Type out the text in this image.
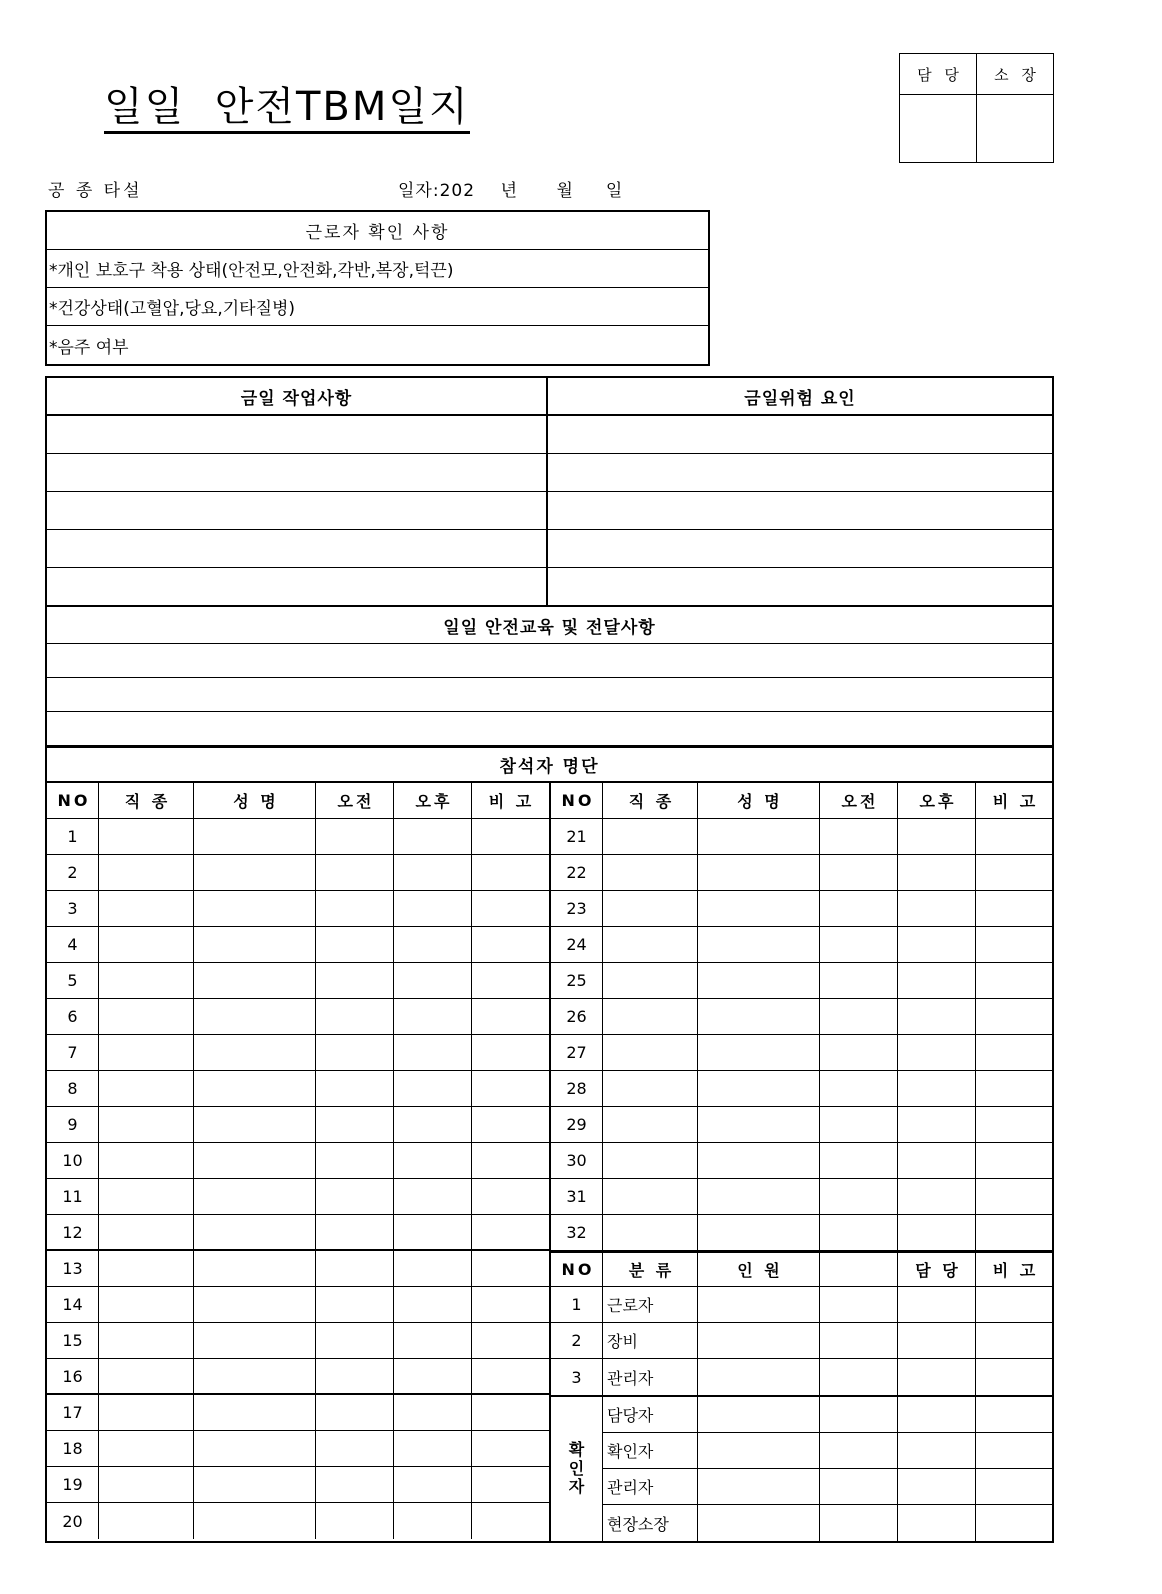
담 당	소 장
일일  안전TBM일지
공 종 타설	일자:202    년      월     일
근로자 확인 사항
*개인 보호구 착용 상태(안전모,안전화,각반,복장,턱끈)
*건강상태(고혈압,당요,기타질병)
*음주 여부
금일 작업사항	금일위험 요인
일일 안전교육 및 전달사항
참석자 명단
NO	직 종	성 명	오전	오후	비 고
1
2
3
4
5
6
7
8
9
10
11
12
13
14
15
16
17
18
19
20
NO	직 종	성 명	오전	오후	비 고
21
22
23
24
25
26
27
28
29
30
31
32
NO	분 류	인 원	담 당	비 고
1	근로자
2	장비
3	관리자
확
인
자
담당자
확인자
관리자
현장소장
